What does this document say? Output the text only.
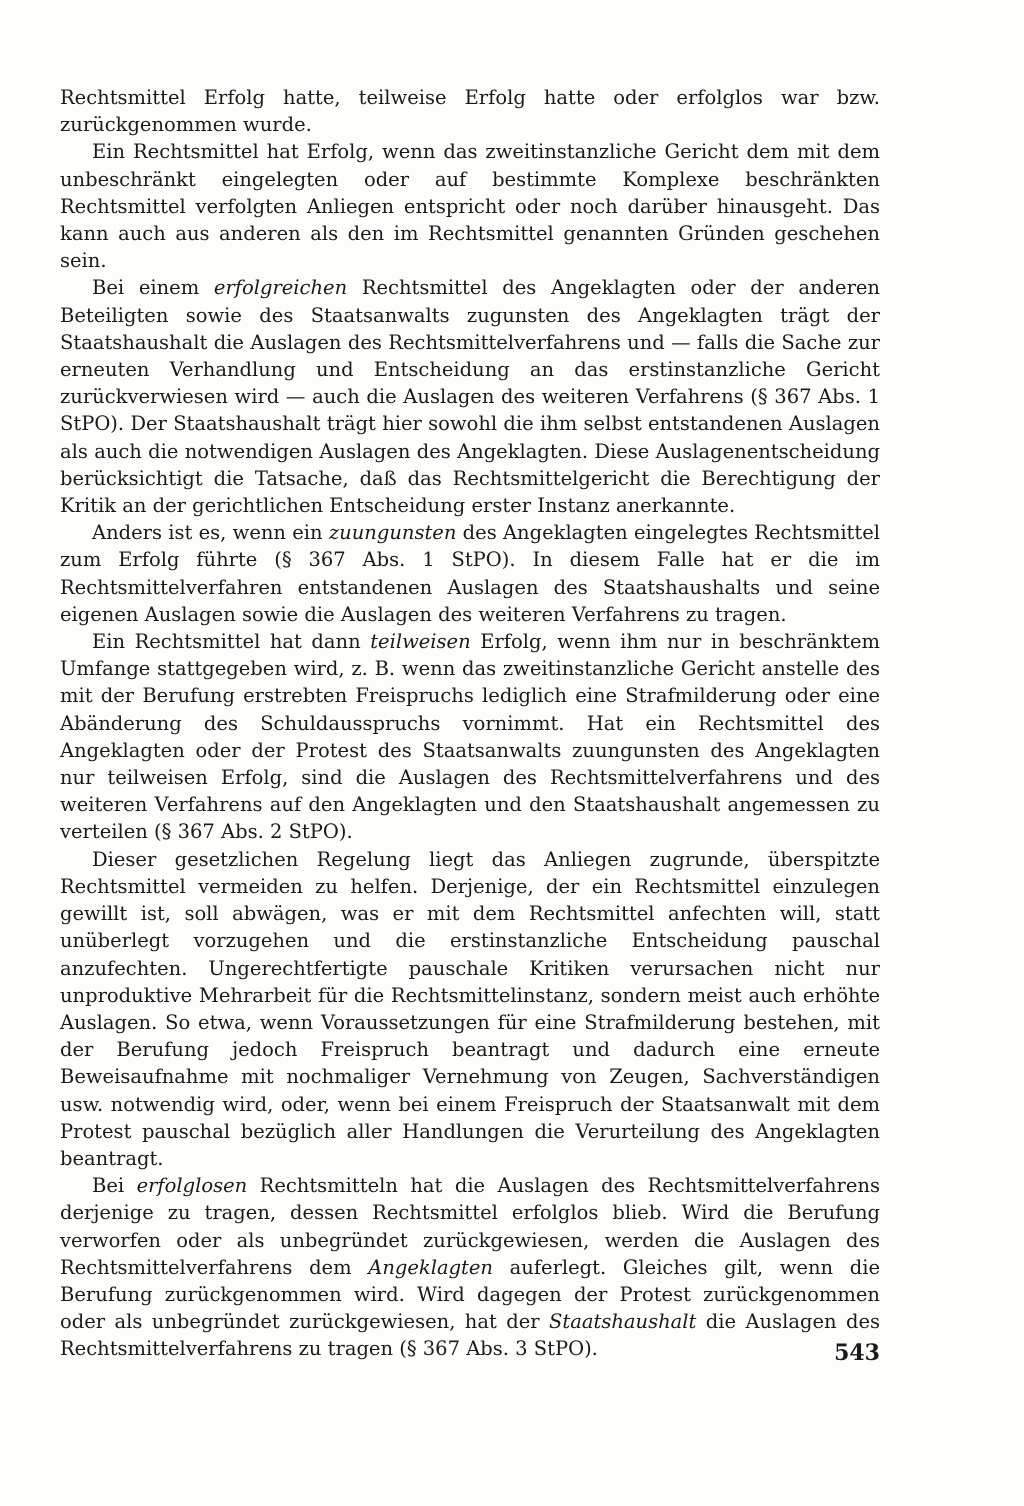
Rechtsmittel Erfolg hatte, teilweise Erfolg hatte oder erfolglos war bzw. zurückgenommen wurde.

Ein Rechtsmittel hat Erfolg, wenn das zweitinstanzliche Gericht dem mit dem unbeschränkt eingelegten oder auf bestimmte Komplexe beschränkten Rechtsmittel verfolgten Anliegen entspricht oder noch darüber hinausgeht. Das kann auch aus anderen als den im Rechtsmittel genannten Gründen geschehen sein.

Bei einem erfolgreichen Rechtsmittel des Angeklagten oder der anderen Beteiligten sowie des Staatsanwalts zugunsten des Angeklagten trägt der Staatshaushalt die Auslagen des Rechtsmittelverfahrens und — falls die Sache zur erneuten Verhandlung und Entscheidung an das erstinstanzliche Gericht zurückverwiesen wird — auch die Auslagen des weiteren Verfahrens (§ 367 Abs. 1 StPO). Der Staatshaushalt trägt hier sowohl die ihm selbst entstandenen Auslagen als auch die notwendigen Auslagen des Angeklagten. Diese Auslagenentscheidung berücksichtigt die Tatsache, daß das Rechtsmittelgericht die Berechtigung der Kritik an der gerichtlichen Entscheidung erster Instanz anerkannte.

Anders ist es, wenn ein zuungunsten des Angeklagten eingelegtes Rechtsmittel zum Erfolg führte (§ 367 Abs. 1 StPO). In diesem Falle hat er die im Rechtsmittelverfahren entstandenen Auslagen des Staatshaushalts und seine eigenen Auslagen sowie die Auslagen des weiteren Verfahrens zu tragen.

Ein Rechtsmittel hat dann teilweisen Erfolg, wenn ihm nur in beschränktem Umfange stattgegeben wird, z. B. wenn das zweitinstanzliche Gericht anstelle des mit der Berufung erstrebten Freispruchs lediglich eine Strafmilderung oder eine Abänderung des Schuldausspruchs vornimmt. Hat ein Rechtsmittel des Angeklagten oder der Protest des Staatsanwalts zuungunsten des Angeklagten nur teilweisen Erfolg, sind die Auslagen des Rechtsmittelverfahrens und des weiteren Verfahrens auf den Angeklagten und den Staatshaushalt angemessen zu verteilen (§ 367 Abs. 2 StPO).

Dieser gesetzlichen Regelung liegt das Anliegen zugrunde, überspitzte Rechtsmittel vermeiden zu helfen. Derjenige, der ein Rechtsmittel einzulegen gewillt ist, soll abwägen, was er mit dem Rechtsmittel anfechten will, statt unüberlegt vorzugehen und die erstinstanzliche Entscheidung pauschal anzufechten. Ungerechtfertigte pauschale Kritiken verursachen nicht nur unproduktive Mehrarbeit für die Rechtsmittelinstanz, sondern meist auch erhöhte Auslagen. So etwa, wenn Voraussetzungen für eine Strafmilderung bestehen, mit der Berufung jedoch Freispruch beantragt und dadurch eine erneute Beweisaufnahme mit nochmaliger Vernehmung von Zeugen, Sachverständigen usw. notwendig wird, oder, wenn bei einem Freispruch der Staatsanwalt mit dem Protest pauschal bezüglich aller Handlungen die Verurteilung des Angeklagten beantragt.

Bei erfolglosen Rechtsmitteln hat die Auslagen des Rechtsmittelverfahrens derjenige zu tragen, dessen Rechtsmittel erfolglos blieb. Wird die Berufung verworfen oder als unbegründet zurückgewiesen, werden die Auslagen des Rechtsmittelverfahrens dem Angeklagten auferlegt. Gleiches gilt, wenn die Berufung zurückgenommen wird. Wird dagegen der Protest zurückgenommen oder als unbegründet zurückgewiesen, hat der Staatshaushalt die Auslagen des Rechtsmittelverfahrens zu tragen (§ 367 Abs. 3 StPO).	543
